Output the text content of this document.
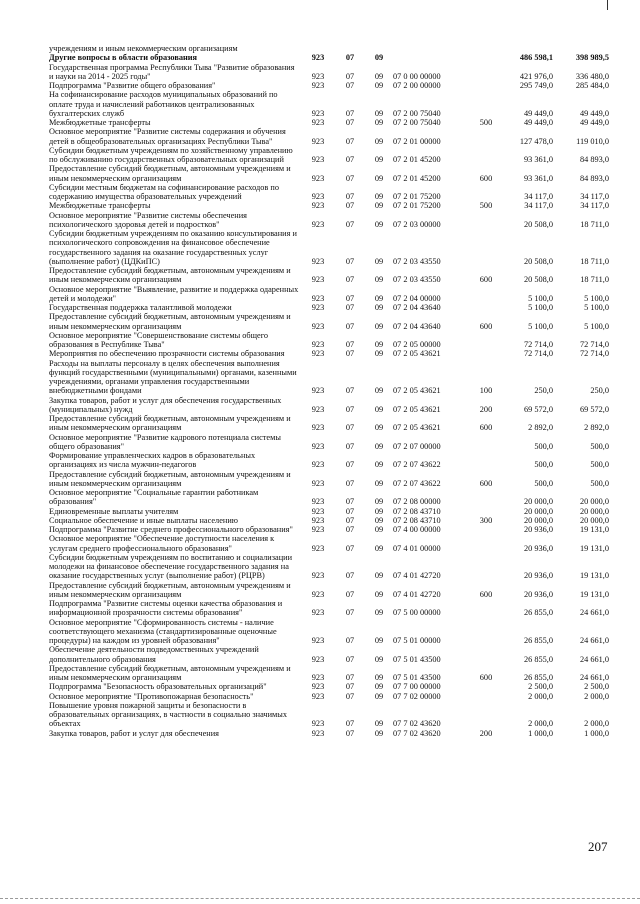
учреждениям и иным некоммерческим организациям							
Другие вопросы в области образования	923	07	09			486 598,1	398 989,5
Государственная программа Республики Тыва "Развитие образования и науки на 2014 - 2025 годы"	923	07	09	07 0 00 00000		421 976,0	336 480,0
Подпрограмма "Развитие общего образования"	923	07	09	07 2 00 00000		295 749,0	285 484,0
На софинансирование расходов муниципальных образований по оплате труда и начислений работников централизованных бухгалтерских служб	923	07	09	07 2 00 75040		49 449,0	49 449,0
Межбюджетные трансферты	923	07	09	07 2 00 75040	500	49 449,0	49 449,0
Основное мероприятие "Развитие системы содержания и обучения детей в общеобразовательных организациях Республики Тыва"	923	07	09	07 2 01 00000		127 478,0	119 010,0
Субсидии бюджетным учреждениям по хозяйственному управлению по обслуживанию государственных образовательных организаций	923	07	09	07 2 01 45200		93 361,0	84 893,0
Предоставление субсидий бюджетным, автономным учреждениям и иным некоммерческим организациям	923	07	09	07 2 01 45200	600	93 361,0	84 893,0
Субсидии местным бюджетам на софинансирование расходов по содержанию имущества образовательных учреждений	923	07	09	07 2 01 75200		34 117,0	34 117,0
Межбюджетные трансферты	923	07	09	07 2 01 75200	500	34 117,0	34 117,0
Основное мероприятие "Развитие системы обеспечения психологического здоровья детей и подростков"	923	07	09	07 2 03 00000		20 508,0	18 711,0
Субсидии бюджетным учреждениям по оказанию консультирования и психологического сопровождения на финансовое обеспечение государственного задания на оказание государственных услуг (выполнение работ) (ЦДКиПС)	923	07	09	07 2 03 43550		20 508,0	18 711,0
Предоставление субсидий бюджетным, автономным учреждениям и иным некоммерческим организациям	923	07	09	07 2 03 43550	600	20 508,0	18 711,0
Основное мероприятие "Выявление, развитие и поддержка одаренных детей и молодежи"	923	07	09	07 2 04 00000		5 100,0	5 100,0
Государственная поддержка талантливой молодежи	923	07	09	07 2 04 43640		5 100,0	5 100,0
Предоставление субсидий бюджетным, автономным учреждениям и иным некоммерческим организациям	923	07	09	07 2 04 43640	600	5 100,0	5 100,0
Основное мероприятие "Совершенствование системы общего образования в Республике Тыва"	923	07	09	07 2 05 00000		72 714,0	72 714,0
Мероприятия по обеспечению прозрачности системы образования	923	07	09	07 2 05 43621		72 714,0	72 714,0
Расходы на выплаты персоналу в целях обеспечения выполнения функций государственными (муниципальными) органами, казенными учреждениями, органами управления государственными внебюджетными фондами	923	07	09	07 2 05 43621	100	250,0	250,0
Закупка товаров, работ и услуг для обеспечения государственных (муниципальных) нужд	923	07	09	07 2 05 43621	200	69 572,0	69 572,0
Предоставление субсидий бюджетным, автономным учреждениям и иным некоммерческим организациям	923	07	09	07 2 05 43621	600	2 892,0	2 892,0
Основное мероприятие "Развитие кадрового потенциала системы общего образования"	923	07	09	07 2 07 00000		500,0	500,0
Формирование управленческих кадров в образовательных организациях из числа мужчин-педагогов	923	07	09	07 2 07 43622		500,0	500,0
Предоставление субсидий бюджетным, автономным учреждениям и иным некоммерческим организациям	923	07	09	07 2 07 43622	600	500,0	500,0
Основное мероприятие "Социальные гарантии работникам образования"	923	07	09	07 2 08 00000		20 000,0	20 000,0
Единовременные выплаты учителям	923	07	09	07 2 08 43710		20 000,0	20 000,0
Социальное обеспечение и иные выплаты населению	923	07	09	07 2 08 43710	300	20 000,0	20 000,0
Подпрограмма "Развитие среднего профессионального образования"	923	07	09	07 4 00 00000		20 936,0	19 131,0
Основное мероприятие "Обеспечение доступности населения к услугам среднего профессионального образования"	923	07	09	07 4 01 00000		20 936,0	19 131,0
Субсидии бюджетным учреждениям по воспитанию и социализации молодежи на финансовое обеспечение государственного задания на оказание государственных услуг (выполнение работ) (РЦРВ)	923	07	09	07 4 01 42720		20 936,0	19 131,0
Предоставление субсидий бюджетным, автономным учреждениям и иным некоммерческим организациям	923	07	09	07 4 01 42720	600	20 936,0	19 131,0
Подпрограмма "Развитие системы оценки качества образования и информационной прозрачности системы образования"	923	07	09	07 5 00 00000		26 855,0	24 661,0
Основное мероприятие "Сформированность системы - наличие соответствующего механизма (стандартизированные оценочные процедуры) на каждом из уровней образования"	923	07	09	07 5 01 00000		26 855,0	24 661,0
Обеспечение деятельности подведомственных учреждений дополнительного образования	923	07	09	07 5 01 43500		26 855,0	24 661,0
Предоставление субсидий бюджетным, автономным учреждениям и иным некоммерческим организациям	923	07	09	07 5 01 43500	600	26 855,0	24 661,0
Подпрограмма "Безопасность образовательных организаций"	923	07	09	07 7 00 00000		2 500,0	2 500,0
Основное мероприятие "Противопожарная безопасность"	923	07	09	07 7 02 00000		2 000,0	2 000,0
Повышение уровня пожарной защиты и безопасности в образовательных организациях, в частности в социально значимых объектах	923	07	09	07 7 02 43620		2 000,0	2 000,0
Закупка товаров, работ и услуг для обеспечения	923	07	09	07 7 02 43620	200	1 000,0	1 000,0
207
